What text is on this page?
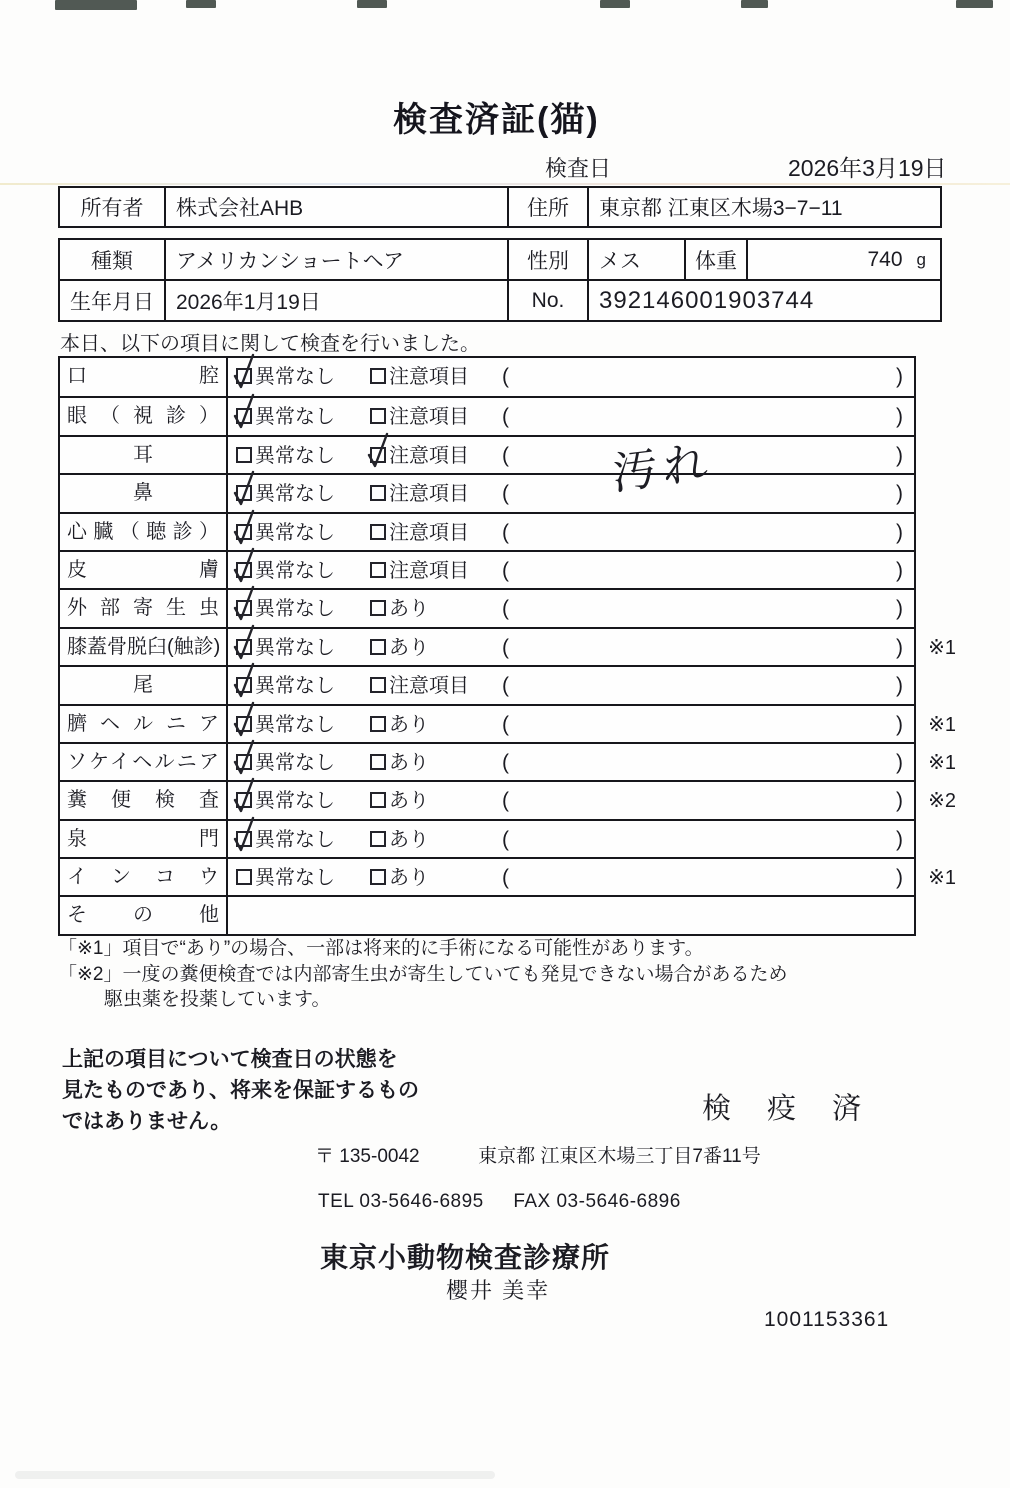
検査済証(猫)
検査日	2026年3月19日
所有者	株式会社AHB	住所	東京都 江東区木場3−7−11
種類	アメリカンショートヘア	性別	メス	体重	740 g
生年月日	2026年1月19日	No.	392146001903744
本日、以下の項目に関して検査を行いました。
口腔	異常なし	注意項目 (	)
眼（視診）	異常なし	注意項目 (	)
耳	異常なし	注意項目 (	)
汚れ
鼻	異常なし	注意項目 (	)
心臓（聴診）	異常なし	注意項目 (	)
皮膚	異常なし	注意項目 (	)
外部寄生虫	異常なし	あり	(	)
膝蓋骨脱臼(触診)	異常なし	あり	(	) ※1
尾	異常なし	注意項目 (	)
臍ヘルニア	異常なし	あり	(	) ※1
ソケイヘルニア	異常なし	あり	(	) ※1
糞便検査	異常なし	あり	(	) ※2
泉門	異常なし	あり	(	)
インコウ	異常なし	あり	(	) ※1
その他
「※1」項目で“あり”の場合、一部は将来的に手術になる可能性があります。
「※2」一度の糞便検査では内部寄生虫が寄生していても発見できない場合があるため
駆虫薬を投薬しています。
上記の項目について検査日の状態を
見たものであり、将来を保証するもの
ではありません。	検 疫 済
〒 135-0042	東京都 江東区木場三丁目7番11号
TEL 03-5646-6895 FAX 03-5646-6896
東京小動物検査診療所
櫻井 美幸
1001153361
